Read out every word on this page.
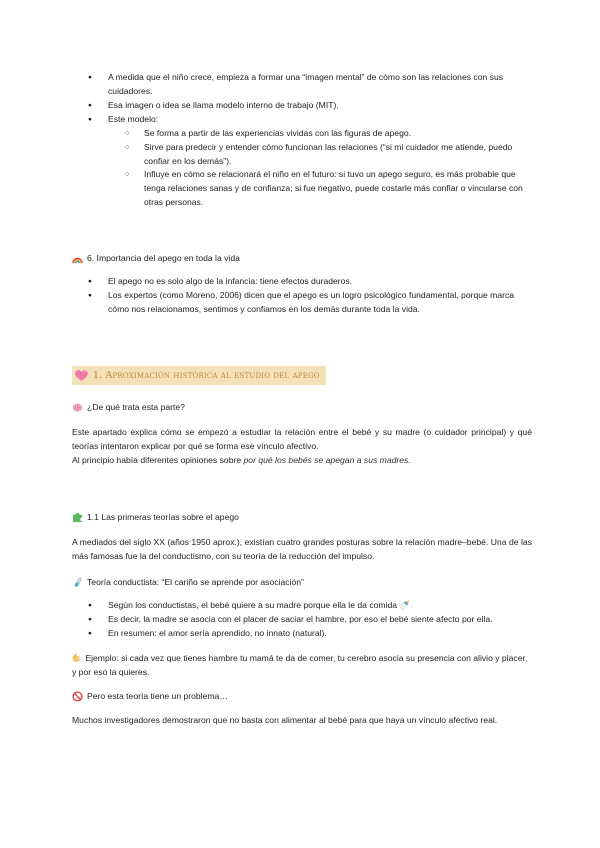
● A medida que el niño crece, empieza a formar una “imagen mental” de cómo son las relaciones con sus cuidadores.
● Esa imagen o idea se llama modelo interno de trabajo (MIT).
● Este modelo:
○ Se forma a partir de las experiencias vividas con las figuras de apego.
○ Sirve para predecir y entender cómo funcionan las relaciones (“si mi cuidador me atiende, puedo confiar en los demás”).
○ Influye en cómo se relacionará el niño en el futuro: si tuvo un apego seguro, es más probable que tenga relaciones sanas y de confianza; si fue negativo, puede costarle más confiar o vincularse con otras personas.
6. Importancia del apego en toda la vida
● El apego no es solo algo de la infancia: tiene efectos duraderos.
● Los expertos (como Moreno, 2006) dicen que el apego es un logro psicológico fundamental, porque marca cómo nos relacionamos, sentimos y confiamos en los demás durante toda la vida.
1. Aproximación histórica al estudio del apego
¿De qué trata esta parte?
Este apartado explica cómo se empezó a estudiar la relación entre el bebé y su madre (o cuidador principal) y qué teorías intentaron explicar por qué se forma ese vínculo afectivo.
Al principio había diferentes opiniones sobre por qué los bebés se apegan a sus madres.
1.1 Las primeras teorías sobre el apego
A mediados del siglo XX (años 1950 aprox.), existían cuatro grandes posturas sobre la relación madre–bebé. Una de las más famosas fue la del conductismo, con su teoría de la reducción del impulso.
Teoría conductista: “El cariño se aprende por asociación”
● Según los conductistas, el bebé quiere a su madre porque ella le da comida 🍼.
● Es decir, la madre se asocia con el placer de saciar el hambre, por eso el bebé siente afecto por ella.
● En resumen: el amor sería aprendido, no innato (natural).
Ejemplo: si cada vez que tienes hambre tu mamá te da de comer, tu cerebro asocia su presencia con alivio y placer, y por eso la quieres.
Pero esta teoría tiene un problema…
Muchos investigadores demostraron que no basta con alimentar al bebé para que haya un vínculo afectivo real.
